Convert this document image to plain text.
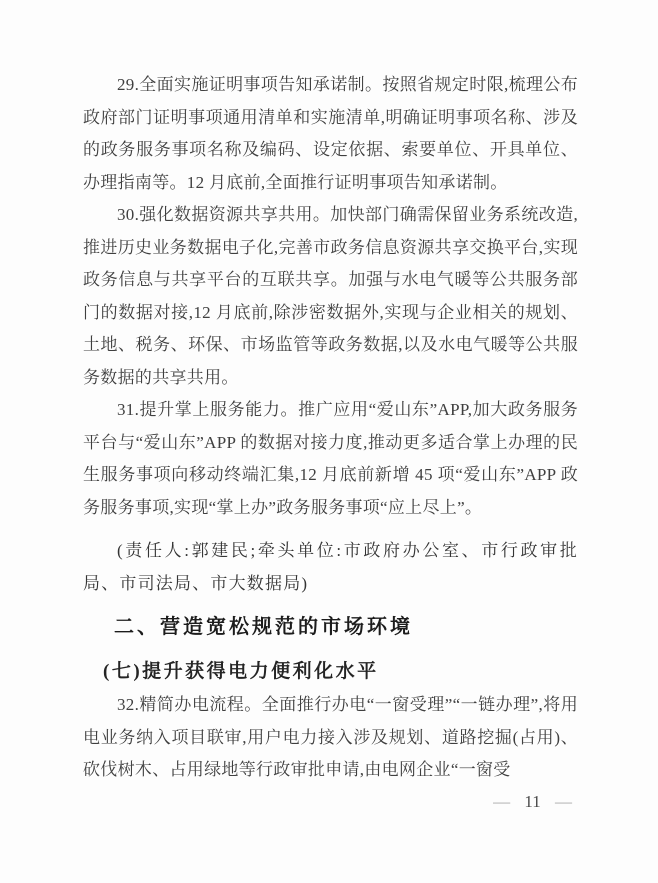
29.全面实施证明事项告知承诺制。按照省规定时限,梳理公布政府部门证明事项通用清单和实施清单,明确证明事项名称、涉及的政务服务事项名称及编码、设定依据、索要单位、开具单位、办理指南等。12 月底前,全面推行证明事项告知承诺制。

30.强化数据资源共享共用。加快部门确需保留业务系统改造,推进历史业务数据电子化,完善市政务信息资源共享交换平台,实现政务信息与共享平台的互联共享。加强与水电气暖等公共服务部门的数据对接,12 月底前,除涉密数据外,实现与企业相关的规划、土地、税务、环保、市场监管等政务数据,以及水电气暖等公共服务数据的共享共用。

31.提升掌上服务能力。推广应用“爱山东”APP,加大政务服务平台与“爱山东”APP 的数据对接力度,推动更多适合掌上办理的民生服务事项向移动终端汇集,12 月底前新增 45 项“爱山东”APP 政务服务事项,实现“掌上办”政务服务事项“应上尽上”。

(责任人:郭建民;牵头单位:市政府办公室、市行政审批局、市司法局、市大数据局)

二、营造宽松规范的市场环境
(七)提升获得电力便利化水平

32.精简办电流程。全面推行办电“一窗受理”“一链办理”,将用电业务纳入项目联审,用户电力接入涉及规划、道路挖掘(占用)、砍伐树木、占用绿地等行政审批申请,由电网企业“一窗受

— 11 —
